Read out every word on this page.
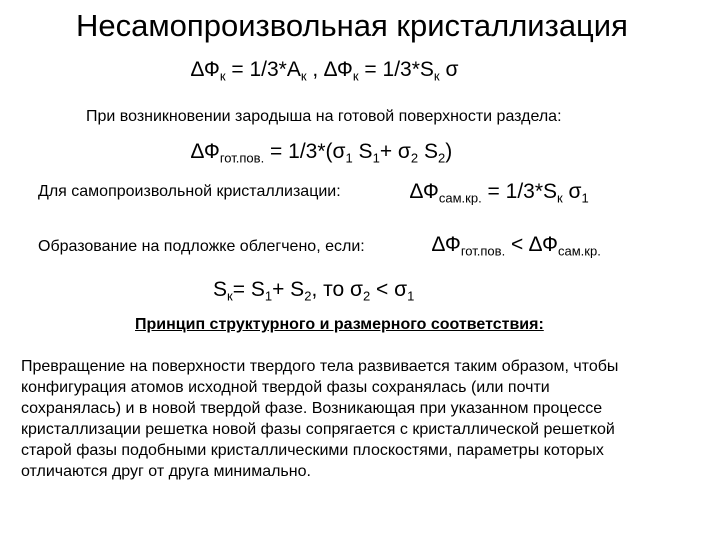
Несамопроизвольная кристаллизация
$\Delta Ф_к = 1/3*A_к$ , $\Delta Ф_к = 1/3*S_к$ σ
При возникновении зародыша на готовой поверхности раздела:
$\Delta Ф_{гот.пов.} = 1/3*(\sigma_1$ $S_1+ \sigma_2$ $S_2$)
Для самопроизвольной кристаллизации:	$\Delta Ф_{сам.кр.} = 1/3*S_к$ $\sigma_1$
Образование на подложке облегчено, если:	$\Delta Ф_{гот.пов.} < \Delta Ф_{сам.кр.}$
$S_к= S_1+ S_2$, то $\sigma_2 < \sigma_1$
Принцип структурного и размерного соответствия:
Превращение на поверхности твердого тела развивается таким образом, чтобы
конфигурация атомов исходной твердой фазы сохранялась (или почти
сохранялась) и в новой твердой фазе. Возникающая при указанном процессе
кристаллизации решетка новой фазы сопрягается с кристаллической решеткой
старой фазы подобными кристаллическими плоскостями, параметры которых
отличаются друг от друга минимально.
